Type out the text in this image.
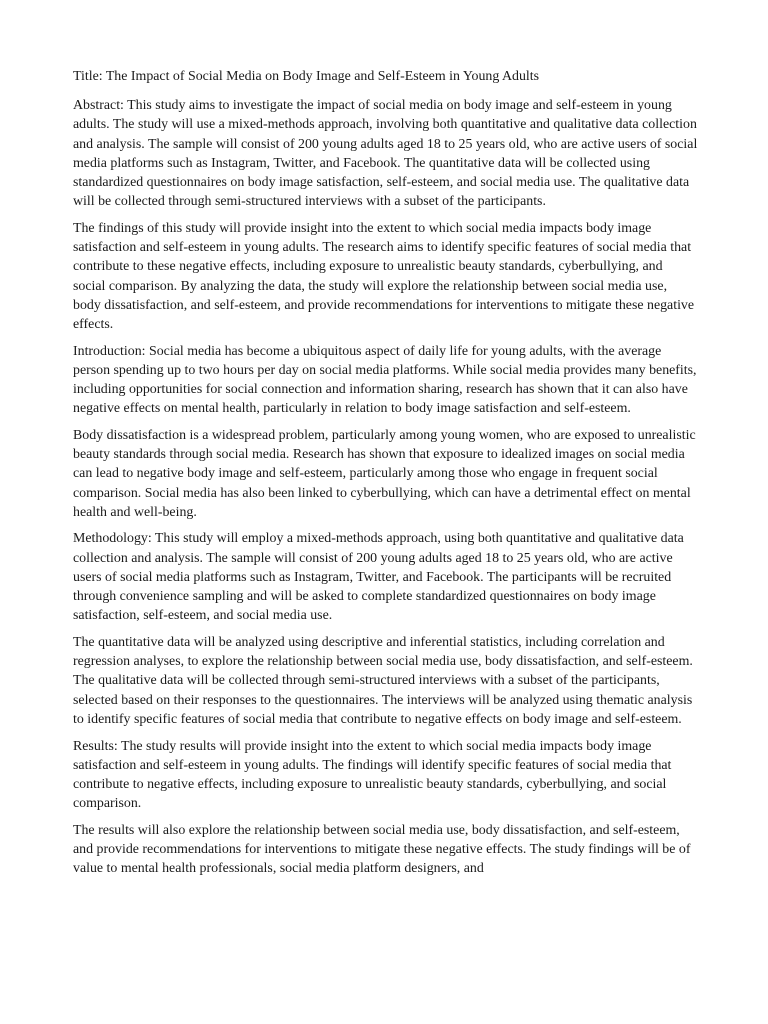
Title: The Impact of Social Media on Body Image and Self-Esteem in Young Adults

Abstract: This study aims to investigate the impact of social media on body image and self-esteem in young adults. The study will use a mixed-methods approach, involving both quantitative and qualitative data collection and analysis. The sample will consist of 200 young adults aged 18 to 25 years old, who are active users of social media platforms such as Instagram, Twitter, and Facebook. The quantitative data will be collected using standardized questionnaires on body image satisfaction, self-esteem, and social media use. The qualitative data will be collected through semi-structured interviews with a subset of the participants.

The findings of this study will provide insight into the extent to which social media impacts body image satisfaction and self-esteem in young adults. The research aims to identify specific features of social media that contribute to these negative effects, including exposure to unrealistic beauty standards, cyberbullying, and social comparison. By analyzing the data, the study will explore the relationship between social media use, body dissatisfaction, and self-esteem, and provide recommendations for interventions to mitigate these negative effects.

Introduction: Social media has become a ubiquitous aspect of daily life for young adults, with the average person spending up to two hours per day on social media platforms. While social media provides many benefits, including opportunities for social connection and information sharing, research has shown that it can also have negative effects on mental health, particularly in relation to body image satisfaction and self-esteem.

Body dissatisfaction is a widespread problem, particularly among young women, who are exposed to unrealistic beauty standards through social media. Research has shown that exposure to idealized images on social media can lead to negative body image and self-esteem, particularly among those who engage in frequent social comparison. Social media has also been linked to cyberbullying, which can have a detrimental effect on mental health and well-being.

Methodology: This study will employ a mixed-methods approach, using both quantitative and qualitative data collection and analysis. The sample will consist of 200 young adults aged 18 to 25 years old, who are active users of social media platforms such as Instagram, Twitter, and Facebook. The participants will be recruited through convenience sampling and will be asked to complete standardized questionnaires on body image satisfaction, self-esteem, and social media use.

The quantitative data will be analyzed using descriptive and inferential statistics, including correlation and regression analyses, to explore the relationship between social media use, body dissatisfaction, and self-esteem. The qualitative data will be collected through semi-structured interviews with a subset of the participants, selected based on their responses to the questionnaires. The interviews will be analyzed using thematic analysis to identify specific features of social media that contribute to negative effects on body image and self-esteem.

Results: The study results will provide insight into the extent to which social media impacts body image satisfaction and self-esteem in young adults. The findings will identify specific features of social media that contribute to negative effects, including exposure to unrealistic beauty standards, cyberbullying, and social comparison.

The results will also explore the relationship between social media use, body dissatisfaction, and self-esteem, and provide recommendations for interventions to mitigate these negative effects. The study findings will be of value to mental health professionals, social media platform designers, and
